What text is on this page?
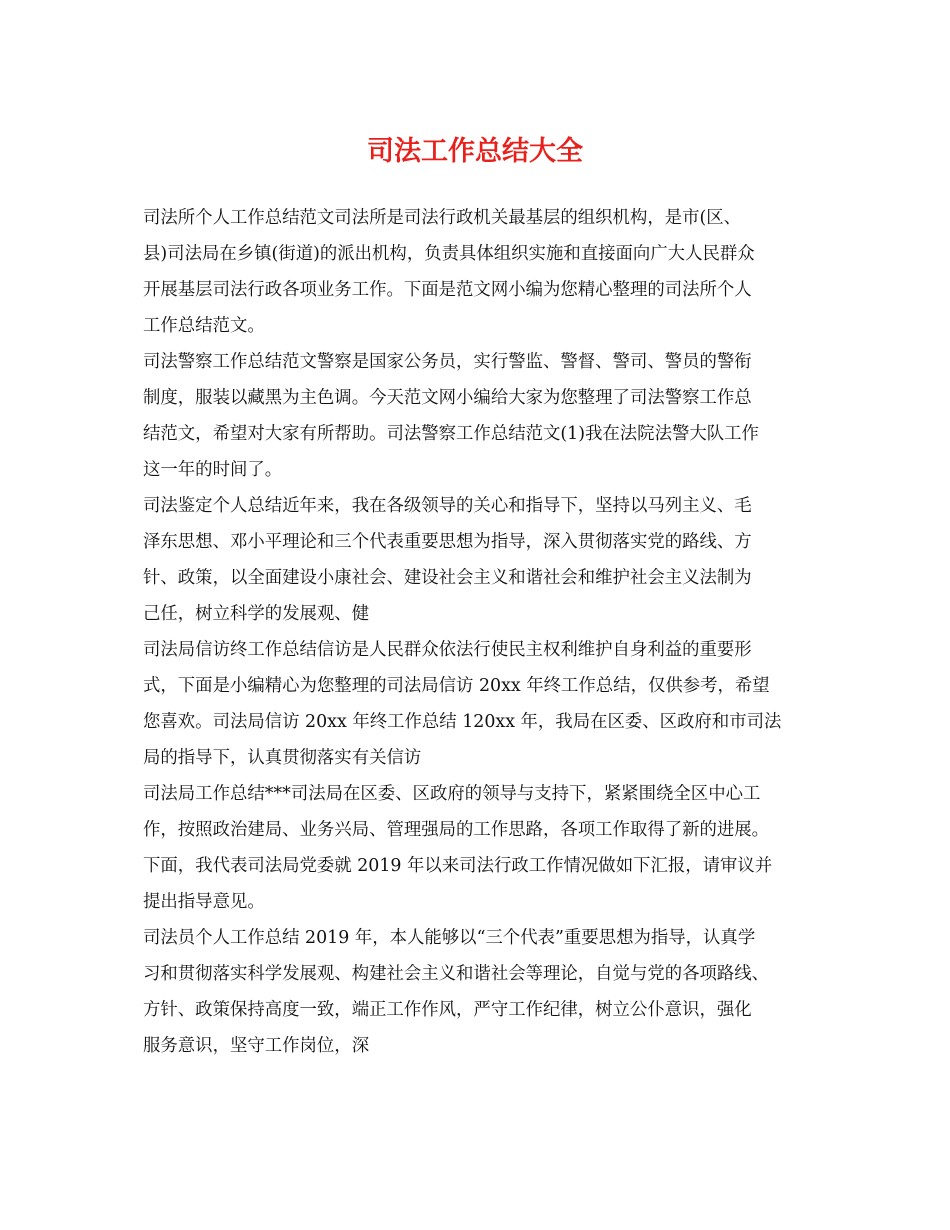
司法工作总结大全

司法所个人工作总结范文司法所是司法行政机关最基层的组织机构，是市(区、
县)司法局在乡镇(街道)的派出机构，负责具体组织实施和直接面向广大人民群众
开展基层司法行政各项业务工作。下面是范文网小编为您精心整理的司法所个人
工作总结范文。

司法警察工作总结范文警察是国家公务员，实行警监、警督、警司、警员的警衔
制度，服装以藏黑为主色调。今天范文网小编给大家为您整理了司法警察工作总
结范文，希望对大家有所帮助。司法警察工作总结范文(1)我在法院法警大队工作
这一年的时间了。

司法鉴定个人总结近年来，我在各级领导的关心和指导下，坚持以马列主义、毛
泽东思想、邓小平理论和三个代表重要思想为指导，深入贯彻落实党的路线、方
针、政策，以全面建设小康社会、建设社会主义和谐社会和维护社会主义法制为
己任，树立科学的发展观、健

司法局信访终工作总结信访是人民群众依法行使民主权利维护自身利益的重要形
式，下面是小编精心为您整理的司法局信访 20xx 年终工作总结，仅供参考，希望
您喜欢。司法局信访 20xx 年终工作总结 120xx 年，我局在区委、区政府和市司法
局的指导下，认真贯彻落实有关信访

司法局工作总结***司法局在区委、区政府的领导与支持下，紧紧围绕全区中心工
作，按照政治建局、业务兴局、管理强局的工作思路，各项工作取得了新的进展。
下面，我代表司法局党委就 2019 年以来司法行政工作情况做如下汇报，请审议并
提出指导意见。

司法员个人工作总结 2019 年，本人能够以“三个代表”重要思想为指导，认真学
习和贯彻落实科学发展观、构建社会主义和谐社会等理论，自觉与党的各项路线、
方针、政策保持高度一致，端正工作作风，严守工作纪律，树立公仆意识，强化
服务意识，坚守工作岗位，深
